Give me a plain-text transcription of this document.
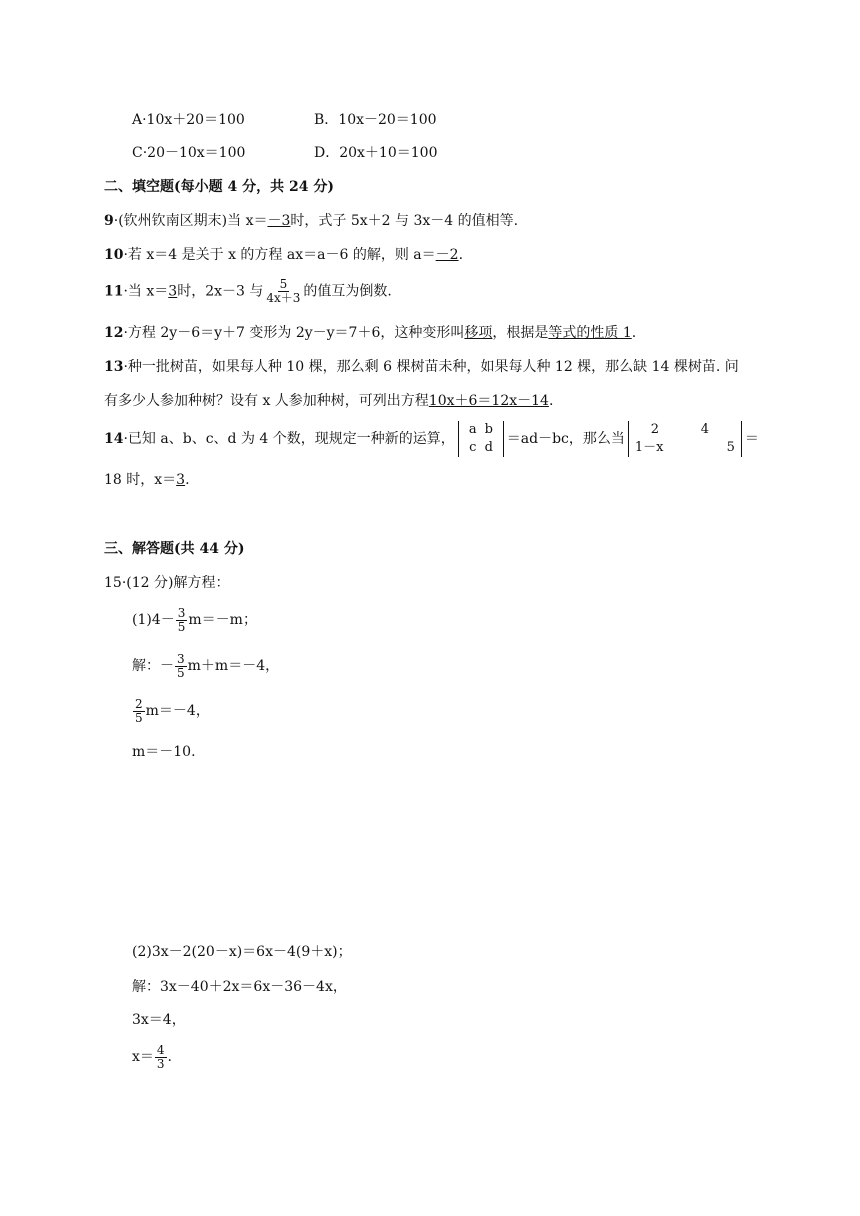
A·10x＋20＝100	B．10x－20＝100
C·20－10x＝100	D．20x＋10＝100
二、填空题(每小题 4 分，共 24 分)
9·(钦州钦南区期末)当 x＝－3时，式子 5x＋2 与 3x－4 的值相等.
10·若 x＝4 是关于 x 的方程 ax＝a－6 的解，则 a＝－2.
11·当 x＝3时，2x－3 与 $\frac{5}{4x+3}$ 的值互为倒数.
12·方程 2y－6＝y＋7 变形为 2y－y＝7＋6，这种变形叫移项，根据是等式的性质 1.
13·种一批树苗，如果每人种 10 棵，那么剩 6 棵树苗未种，如果每人种 12 棵，那么缺 14 棵树苗. 问
有多少人参加种树？设有 x 人参加种树，可列出方程10x＋6＝12x－14.
14·已知 a、b、c、d 为 4 个数，现规定一种新的运算，
a b
c d
＝ad－bc，那么当
2	4
1－x	5
＝
18 时，x＝3.
三、解答题(共 44 分)
15·(12 分)解方程：
$(1)4- \frac{3}{5} m=-m$；
解：－ $\frac{3}{5} m+m=-4$，
$\frac{2}{5} m=-4$，
m＝－10.
(2)3x－2(20－x)＝6x－4(9＋x)；
解：3x－40＋2x＝6x－36－4x，
3x＝4，
$x= \frac{4}{3}$ .
